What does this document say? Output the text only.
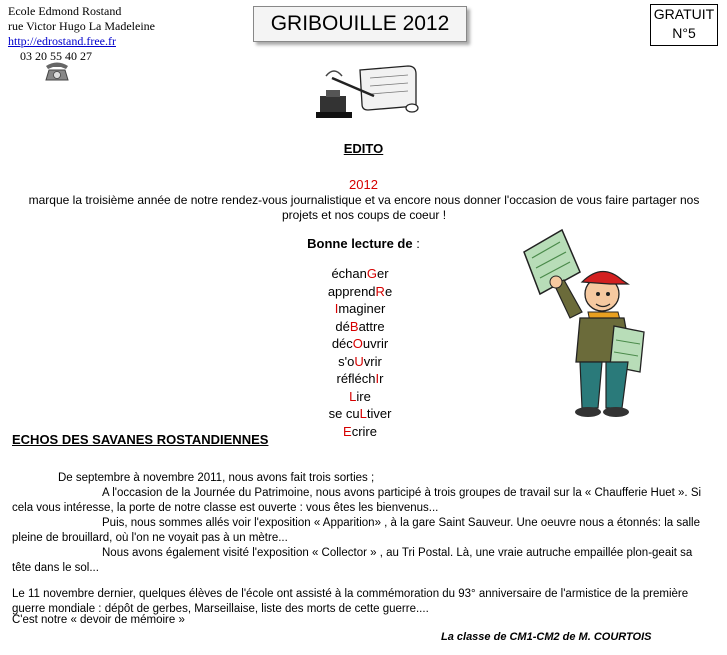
Ecole Edmond Rostand
rue Victor Hugo La Madeleine
http://edrostand.free.fr
03 20 55 40 27
GRIBOUILLE 2012	GRATUIT
N°5
EDITO
2012
marque la troisième année de notre rendez-vous journalistique et va encore nous donner l'occasion de vous faire partager nos projets et nos coups de coeur !
Bonne lecture de :
échanGer
apprendRe
Imaginer
déBattre
décOuvrir
s'oUvrir
réfléchIr
Lire
se cuLtiver
Ecrire
ECHOS DES SAVANES ROSTANDIENNES
De septembre à novembre 2011, nous avons fait trois sorties ;
A l'occasion de la Journée du Patrimoine, nous avons participé à trois groupes de travail sur la « Chaufferie Huet ». Si cela vous intéresse, la porte de notre classe est ouverte : vous êtes les bienvenus...
Puis, nous sommes allés voir l'exposition « Apparition» , à la gare Saint Sauveur. Une oeuvre nous a étonnés: la salle pleine de brouillard, où l'on ne voyait pas à un mètre...
Nous avons également visité l'exposition « Collector » , au Tri Postal. Là, une vraie autruche empaillée plon-geait sa tête dans le sol...
Le 11 novembre dernier, quelques élèves de l'école ont assisté à la commémoration du 93° anniversaire de l'armistice de la première guerre mondiale : dépôt de gerbes, Marseillaise, liste des morts de cette guerre....
C'est notre « devoir de mémoire »
La classe de CM1-CM2 de M. COURTOIS
